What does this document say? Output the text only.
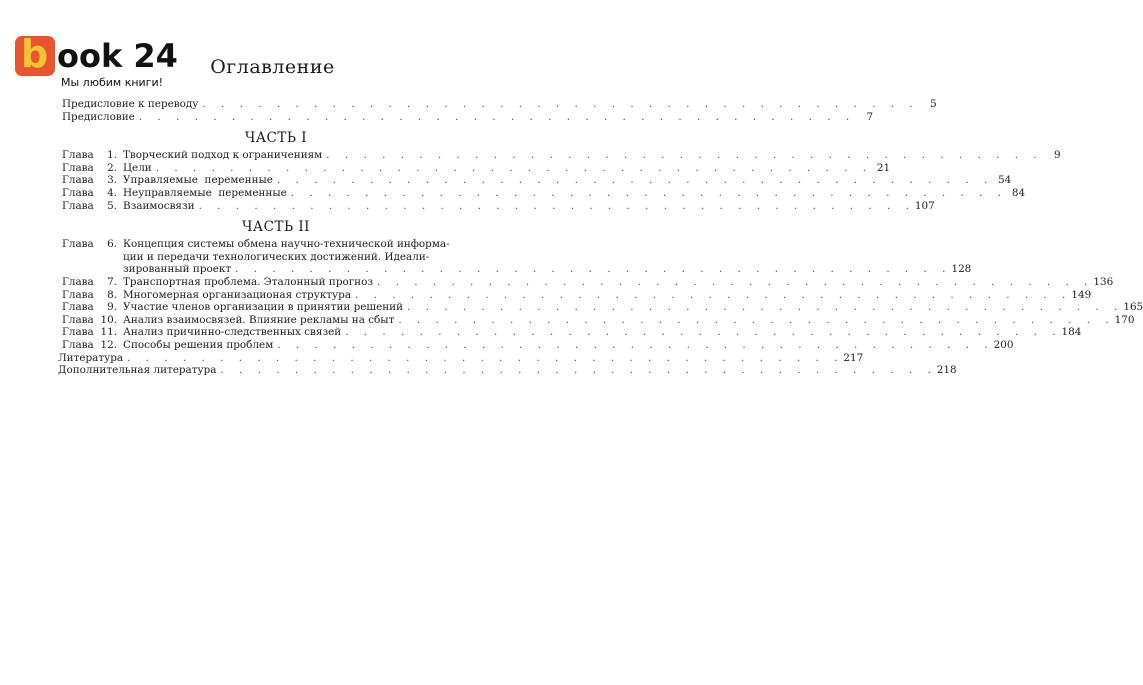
b ook 24
Мы любим книги!
Оглавление
Предисловие к переводу . . . . . . . . . . . . . . . . . . . . . . . . . . . . . . . . . . . . . . .	5
Предисловие . . . . . . . . . . . . . . . . . . . . . . . . . . . . . . . . . . . . . . .	7
ЧАСТЬ I
Глава	1. Творческий подход к ограничениям . . . . . . . . . . . . . . . . . . . . . . . . . . . . . . . . . . . . . . .	9
Глава	2. Цели . . . . . . . . . . . . . . . . . . . . . . . . . . . . . . . . . . . . . . . 21
Глава	3. Управляемые  переменные . . . . . . . . . . . . . . . . . . . . . . . . . . . . . . . . . . . . . . . 54
Глава	4. Неуправляемые  переменные . . . . . . . . . . . . . . . . . . . . . . . . . . . . . . . . . . . . . . . 84
Глава	5. Взаимосвязи . . . . . . . . . . . . . . . . . . . . . . . . . . . . . . . . . . . . . . . 107
ЧАСТЬ II
Глава	6. Концепция системы обмена научно-технической информа-
ции и передачи технологических достижений. Идеали-
зированный проект . . . . . . . . . . . . . . . . . . . . . . . . . . . . . . . . . . . . . . . 128
Глава	7. Транспортная проблема. Эталонный прогноз . . . . . . . . . . . . . . . . . . . . . . . . . . . . . . . . . . . . . . . 136
Глава	8. Многомерная организационая структура . . . . . . . . . . . . . . . . . . . . . . . . . . . . . . . . . . . . . . . 149
Глава	9. Участие членов организации в принятии решений . . . . . . . . . . . . . . . . . . . . . . . . . . . . . . . . . . . . . . . 165
Глава 10. Анализ взаимосвязей. Влияние рекламы на сбыт . . . . . . . . . . . . . . . . . . . . . . . . . . . . . . . . . . . . . . . 170
Глава 11. Анализ причинно-следственных связей . . . . . . . . . . . . . . . . . . . . . . . . . . . . . . . . . . . . . . . 184
Глава 12. Способы решения проблем . . . . . . . . . . . . . . . . . . . . . . . . . . . . . . . . . . . . . . . 200
Литература . . . . . . . . . . . . . . . . . . . . . . . . . . . . . . . . . . . . . . . 217
Дополнительная литература . . . . . . . . . . . . . . . . . . . . . . . . . . . . . . . . . . . . . . . 218
